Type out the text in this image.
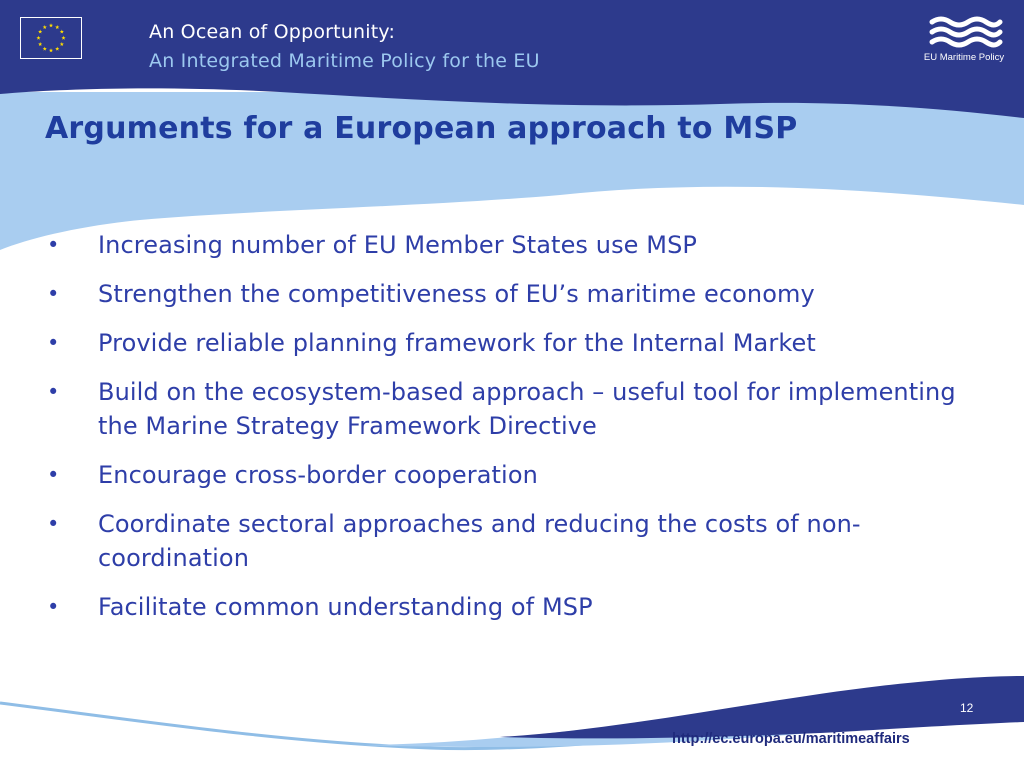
An Ocean of Opportunity:
An Integrated Maritime Policy for the EU	EU Maritime Policy
Arguments for a European approach to MSP
•	Increasing number of EU Member States use MSP
•	Strengthen the competitiveness of EU’s maritime economy
•	Provide reliable planning framework for the Internal Market
•	Build on the ecosystem-based approach – useful tool for implementing the Marine Strategy Framework Directive
•	Encourage cross-border cooperation
•	Coordinate sectoral approaches and reducing the costs of non-coordination
•	Facilitate common understanding of MSP
12
http://ec.europa.eu/maritimeaffairs
